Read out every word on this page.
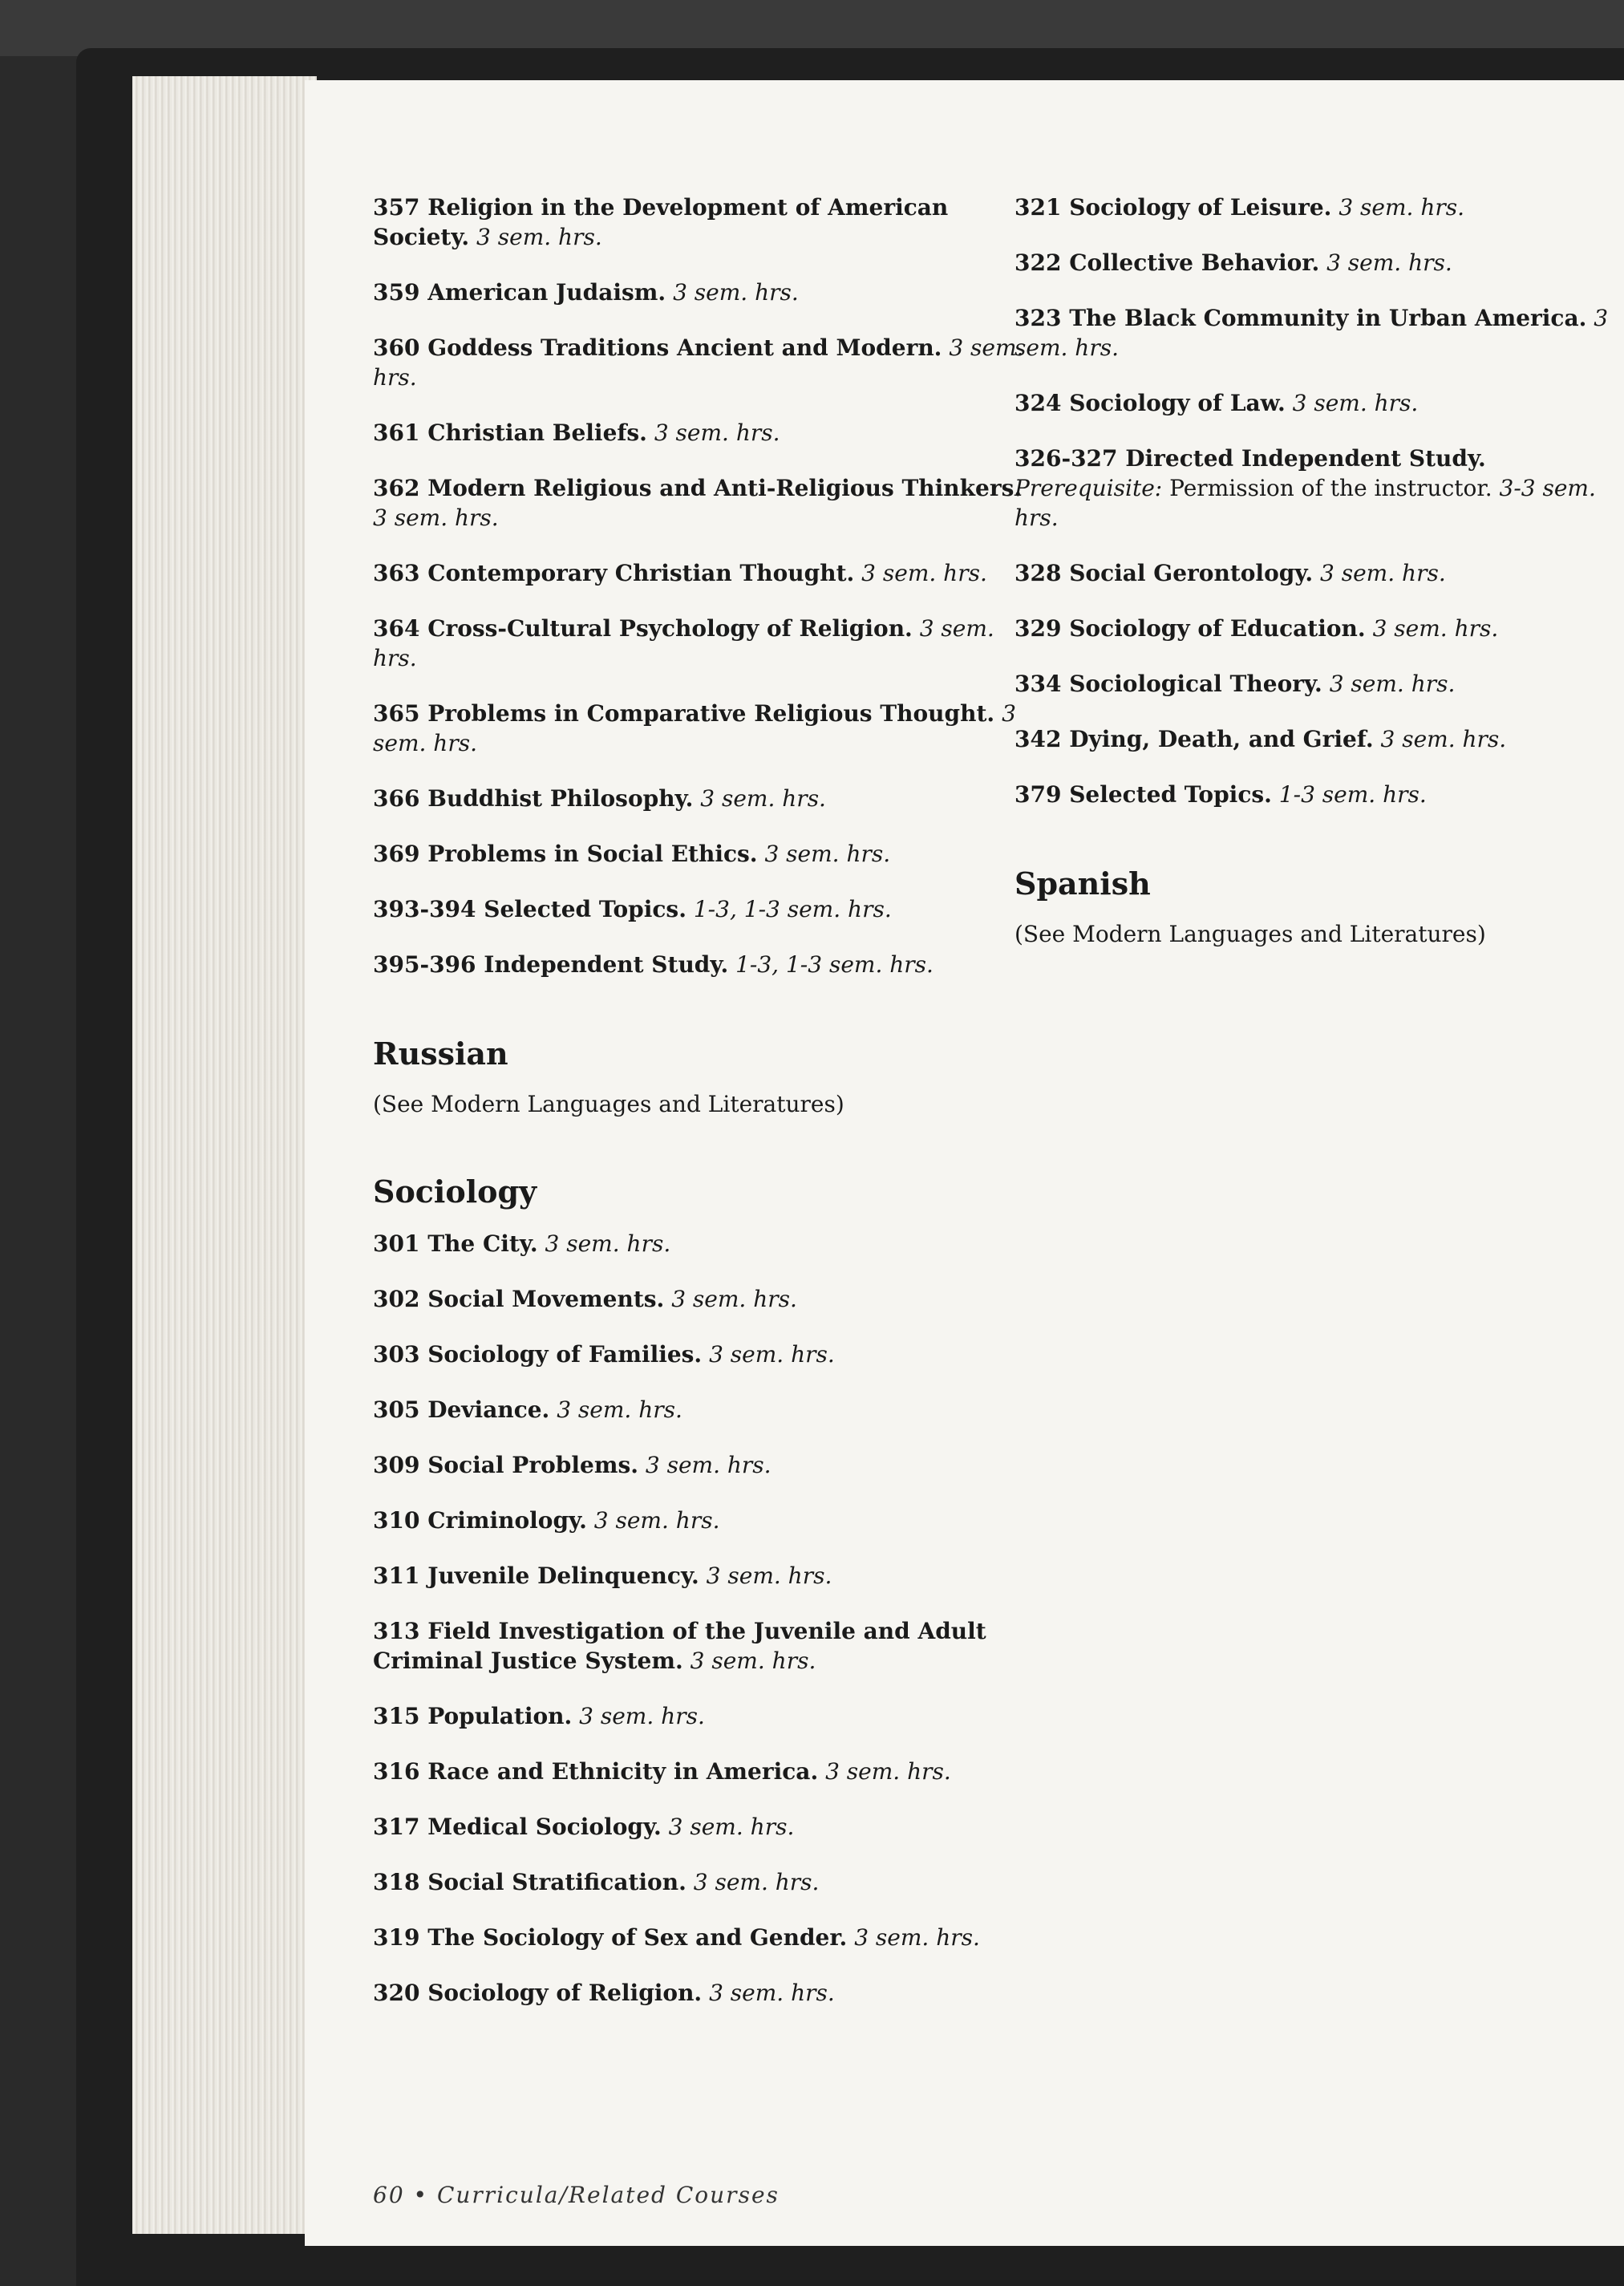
357 Religion in the Development of American Society. 3 sem. hrs.
359 American Judaism. 3 sem. hrs.
360 Goddess Traditions Ancient and Modern. 3 sem. hrs.
361 Christian Beliefs. 3 sem. hrs.
362 Modern Religious and Anti-Religious Thinkers. 3 sem. hrs.
363 Contemporary Christian Thought. 3 sem. hrs.
364 Cross-Cultural Psychology of Religion. 3 sem. hrs.
365 Problems in Comparative Religious Thought. 3 sem. hrs.
366 Buddhist Philosophy. 3 sem. hrs.
369 Problems in Social Ethics. 3 sem. hrs.
393-394 Selected Topics. 1-3, 1-3 sem. hrs.
395-396 Independent Study. 1-3, 1-3 sem. hrs.
Russian
(See Modern Languages and Literatures)
Sociology
301 The City. 3 sem. hrs.
302 Social Movements. 3 sem. hrs.
303 Sociology of Families. 3 sem. hrs.
305 Deviance. 3 sem. hrs.
309 Social Problems. 3 sem. hrs.
310 Criminology. 3 sem. hrs.
311 Juvenile Delinquency. 3 sem. hrs.
313 Field Investigation of the Juvenile and Adult Criminal Justice System. 3 sem. hrs.
315 Population. 3 sem. hrs.
316 Race and Ethnicity in America. 3 sem. hrs.
317 Medical Sociology. 3 sem. hrs.
318 Social Stratification. 3 sem. hrs.
319 The Sociology of Sex and Gender. 3 sem. hrs.
320 Sociology of Religion. 3 sem. hrs.
321 Sociology of Leisure. 3 sem. hrs.
322 Collective Behavior. 3 sem. hrs.
323 The Black Community in Urban America. 3 sem. hrs.
324 Sociology of Law. 3 sem. hrs.
326-327 Directed Independent Study. Prerequisite: Permission of the instructor. 3-3 sem. hrs.
328 Social Gerontology. 3 sem. hrs.
329 Sociology of Education. 3 sem. hrs.
334 Sociological Theory. 3 sem. hrs.
342 Dying, Death, and Grief. 3 sem. hrs.
379 Selected Topics. 1-3 sem. hrs.
Spanish
(See Modern Languages and Literatures)
60 • Curricula/Related Courses
